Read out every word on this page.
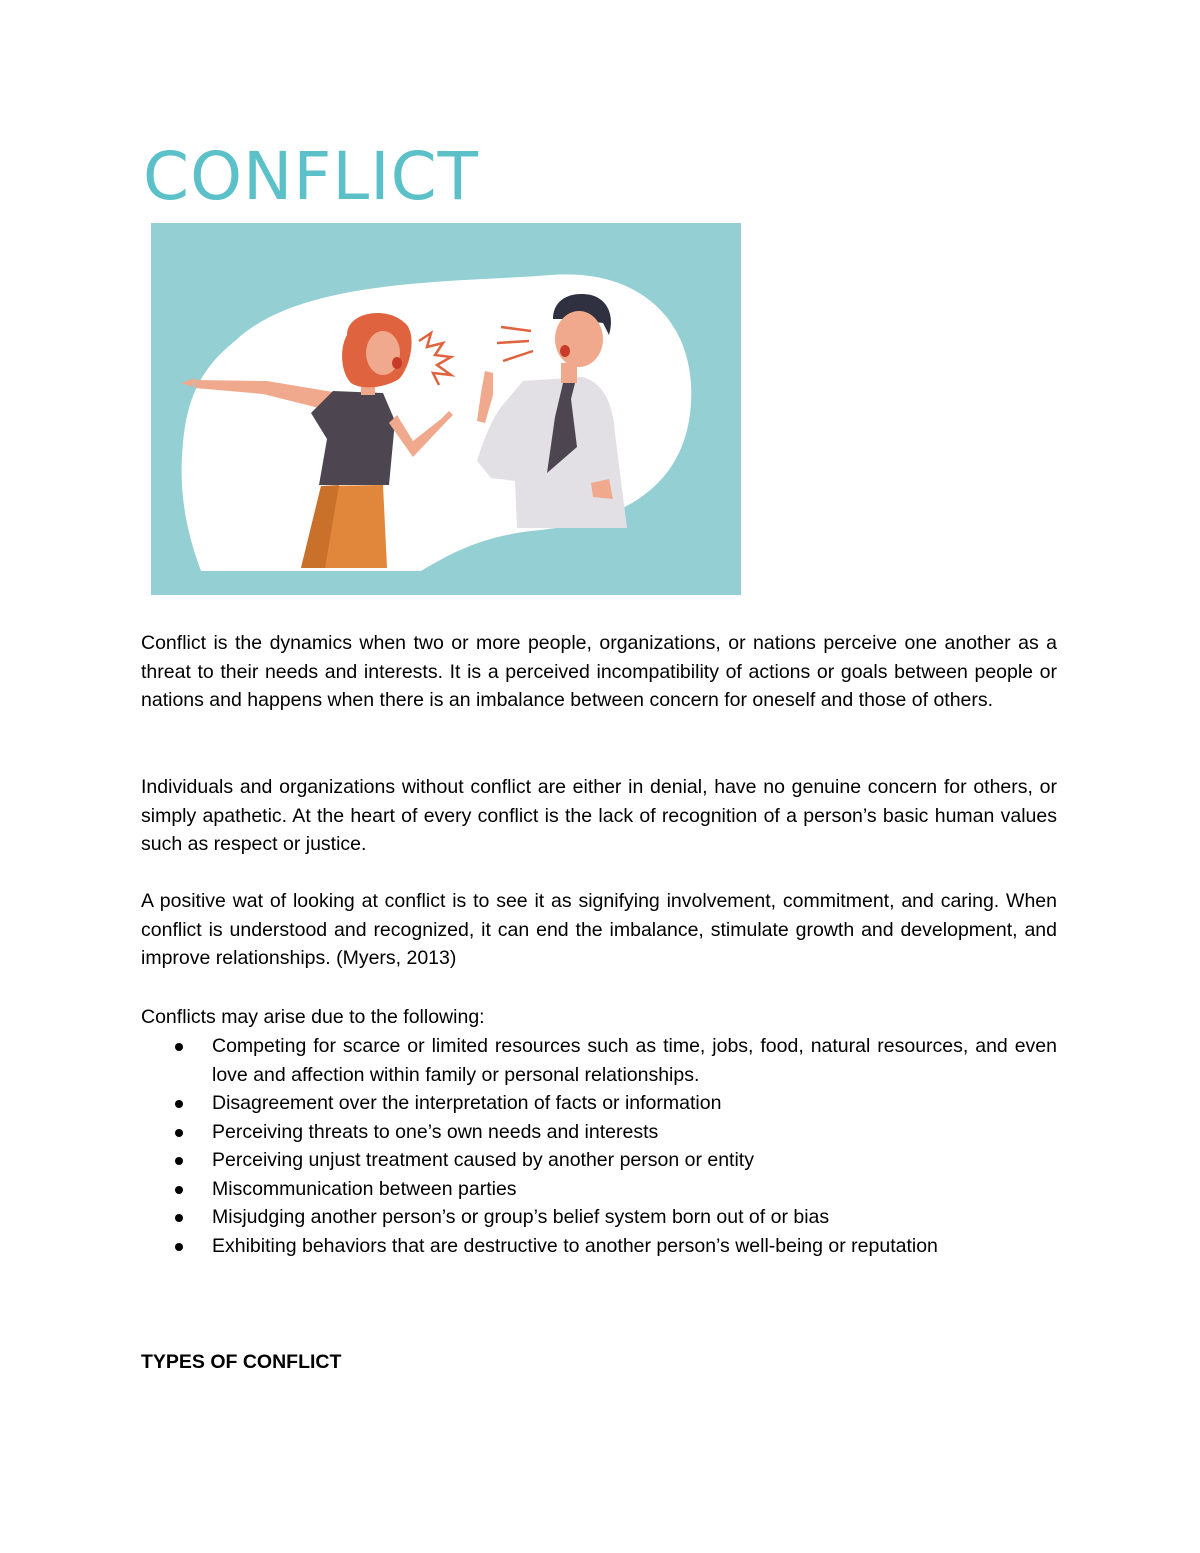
CONFLICT

Conflict is the dynamics when two or more people, organizations, or nations perceive one another as a threat to their needs and interests. It is a perceived incompatibility of actions or goals between people or nations and happens when there is an imbalance between concern for oneself and those of others.

Individuals and organizations without conflict are either in denial, have no genuine concern for others, or simply apathetic. At the heart of every conflict is the lack of recognition of a person’s basic human values such as respect or justice.

A positive wat of looking at conflict is to see it as signifying involvement, commitment, and caring. When conflict is understood and recognized, it can end the imbalance, stimulate growth and development, and improve relationships. (Myers, 2013)

Conflicts may arise due to the following:

Competing for scarce or limited resources such as time, jobs, food, natural resources, and even love and affection within family or personal relationships.
Disagreement over the interpretation of facts or information
Perceiving threats to one’s own needs and interests
Perceiving unjust treatment caused by another person or entity
Miscommunication between parties
Misjudging another person’s or group’s belief system born out of or bias
Exhibiting behaviors that are destructive to another person’s well-being or reputation
TYPES OF CONFLICT
